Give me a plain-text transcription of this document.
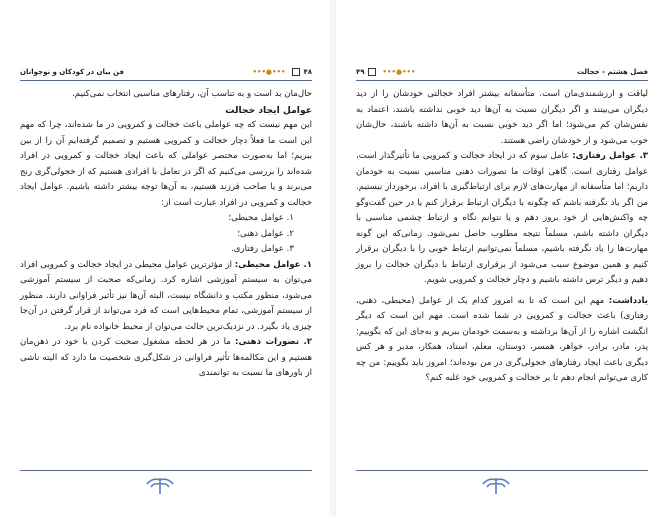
۴۸
•••●•••
فن بیان در کودکان و نوجوانان

حال‌مان بد است و به تناسب آن، رفتارهای مناسبی انتخاب نمی‌کنیم.

عوامل ایجاد خجالت

این مهم نیست که چه عواملی باعث خجالت و کمرویی در ما شده‌اند، چرا که مهم این است ما فعلاً دچار خجالت و کمرویی هستیم و تصمیم گرفته‌ایم آن را از بین ببریم؛ اما به‌صورت مختصر عواملی که باعث ایجاد خجالت و کمرویی در افراد شده‌اند را بررسی می‌کنیم که اگر در تعامل با افرادی هستیم که از خجولی‌گری رنج می‌برند و یا صاحب فرزند هستیم، به آن‌ها توجه بیشتر داشته باشیم. عوامل ایجاد خجالت و کمرویی در افراد عبارت است از:

۱. عوامل محیطی؛

۲. عوامل ذهنی؛

۳. عوامل رفتاری.

۱. عوامل محیطی: از مؤثرترین عوامل محیطی در ایجاد خجالت و کمرویی افراد می‌توان به سیستم آموزشی اشاره کرد. زمانی‌که صحبت از سیستم آموزشی می‌شود، منظور مکتب و دانشگاه نیست، البته آن‌ها نیز تأثیر فراوانی دارند. منظور از سیستم آموزشی، تمام محیط‌هایی است که فرد می‌تواند از قرار گرفتن در آن‌جا چیزی یاد بگیرد. در نزدیک‌ترین حالت می‌توان از محیط خانواده نام برد.

۲. تصورات ذهنی: ما در هر لحظه مشغول صحبت کردن با خود در ذهن‌مان هستیم و این مکالمه‌ها تأثیر فراوانی در شکل‌گیری شخصیت ما دارد که البته ناشی از باورهای ما نسبت به توانمندی

فصل هشتم - خجالت
•••●•••
۴۹

لیاقت و ارزشمندی‌مان است. متأسفانه بیشتر افراد خجالتی خودشان را از دید دیگران می‌بینند و اگر دیگران نسبت به آن‌ها دید خوبی نداشته باشند، اعتماد به نفس‌شان کم می‌شود؛ اما اگر دید خوبی نسبت به آن‌ها داشته باشند، حال‌شان خوب می‌شود و از خودشان راضی هستند.

۳. عوامل رفتاری: عامل سوم که در ایجاد خجالت و کمرویی ما تأثیرگذار است، عوامل رفتاری است. گاهی اوقات ما تصورات ذهنی مناسبی نسبت به خودمان داریم؛ اما متأسفانه از مهارت‌های لازم برای ارتباط‌گیری با افراد، برخوردار نیستیم. من اگر یاد نگرفته باشم که چگونه با دیگران ارتباط برقرار کنم یا در حین گفت‌وگو چه واکنش‌هایی از خود بروز دهم و یا نتوانم نگاه و ارتباط چشمی مناسبی با دیگران داشته باشم، مسلماً نتیجه مطلوب حاصل نمی‌شود. زمانی‌که این گونه مهارت‌ها را یاد نگرفته باشیم، مسلماً نمی‌توانیم ارتباط خوبی را با دیگران برقرار کنیم و همین موضوع سبب می‌شود از برقراری ارتباط با دیگران خجالت را بروز دهیم و دیگر ترس داشته باشیم و دچار خجالت و کمرویی شویم.

یادداشت: مهم این است که تا به امروز کدام یک از عوامل (محیطی، ذهنی، رفتاری) باعث خجالت و کمرویی در شما شده است. مهم این است که دیگر انگشت اشاره را از آن‌ها برداشته و به‌سمت خودمان ببریم و به‌جای این که بگوییم: پدر، مادر، برادر، خواهر، همسر، دوستان، معلم، استاد، همکار، مدیر و هر کس دیگری باعث ایجاد رفتارهای خجولی‌گری در من بوده‌اند؛ امروز باید بگوییم: من چه کاری می‌توانم انجام دهم تا بر خجالت و کمرویی خود غلبه کنم؟
